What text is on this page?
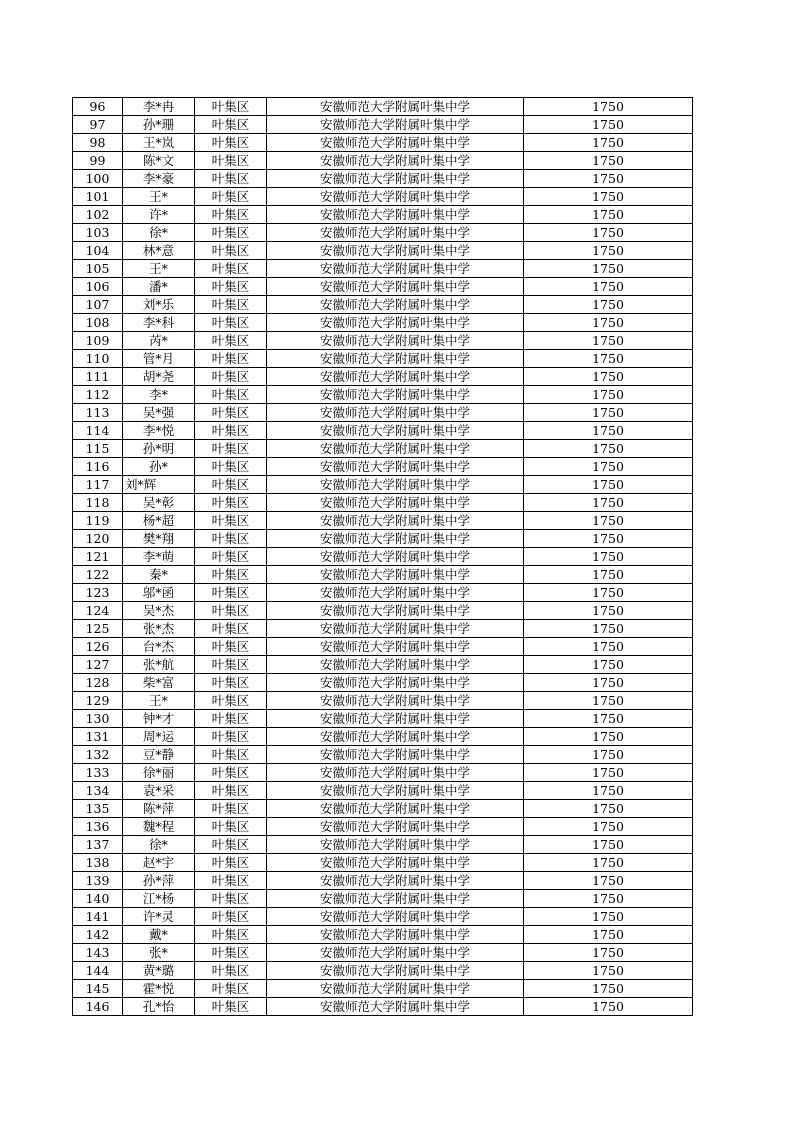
96	李*冉	叶集区	安徽师范大学附属叶集中学	1750
97	孙*珊	叶集区	安徽师范大学附属叶集中学	1750
98	王*岚	叶集区	安徽师范大学附属叶集中学	1750
99	陈*文	叶集区	安徽师范大学附属叶集中学	1750
100	李*豪	叶集区	安徽师范大学附属叶集中学	1750
101	王*	叶集区	安徽师范大学附属叶集中学	1750
102	许*	叶集区	安徽师范大学附属叶集中学	1750
103	徐*	叶集区	安徽师范大学附属叶集中学	1750
104	林*意	叶集区	安徽师范大学附属叶集中学	1750
105	王*	叶集区	安徽师范大学附属叶集中学	1750
106	潘*	叶集区	安徽师范大学附属叶集中学	1750
107	刘*乐	叶集区	安徽师范大学附属叶集中学	1750
108	李*科	叶集区	安徽师范大学附属叶集中学	1750
109	芮*	叶集区	安徽师范大学附属叶集中学	1750
110	管*月	叶集区	安徽师范大学附属叶集中学	1750
111	胡*尧	叶集区	安徽师范大学附属叶集中学	1750
112	李*	叶集区	安徽师范大学附属叶集中学	1750
113	吴*强	叶集区	安徽师范大学附属叶集中学	1750
114	李*悦	叶集区	安徽师范大学附属叶集中学	1750
115	孙*明	叶集区	安徽师范大学附属叶集中学	1750
116	孙*	叶集区	安徽师范大学附属叶集中学	1750
117	刘*辉	叶集区	安徽师范大学附属叶集中学	1750
118	吴*彰	叶集区	安徽师范大学附属叶集中学	1750
119	杨*超	叶集区	安徽师范大学附属叶集中学	1750
120	樊*翔	叶集区	安徽师范大学附属叶集中学	1750
121	李*萌	叶集区	安徽师范大学附属叶集中学	1750
122	秦*	叶集区	安徽师范大学附属叶集中学	1750
123	邬*函	叶集区	安徽师范大学附属叶集中学	1750
124	吴*杰	叶集区	安徽师范大学附属叶集中学	1750
125	张*杰	叶集区	安徽师范大学附属叶集中学	1750
126	台*杰	叶集区	安徽师范大学附属叶集中学	1750
127	张*航	叶集区	安徽师范大学附属叶集中学	1750
128	柴*富	叶集区	安徽师范大学附属叶集中学	1750
129	王*	叶集区	安徽师范大学附属叶集中学	1750
130	钟*才	叶集区	安徽师范大学附属叶集中学	1750
131	周*运	叶集区	安徽师范大学附属叶集中学	1750
132	豆*静	叶集区	安徽师范大学附属叶集中学	1750
133	徐*丽	叶集区	安徽师范大学附属叶集中学	1750
134	袁*采	叶集区	安徽师范大学附属叶集中学	1750
135	陈*萍	叶集区	安徽师范大学附属叶集中学	1750
136	魏*程	叶集区	安徽师范大学附属叶集中学	1750
137	徐*	叶集区	安徽师范大学附属叶集中学	1750
138	赵*宇	叶集区	安徽师范大学附属叶集中学	1750
139	孙*萍	叶集区	安徽师范大学附属叶集中学	1750
140	江*杨	叶集区	安徽师范大学附属叶集中学	1750
141	许*灵	叶集区	安徽师范大学附属叶集中学	1750
142	戴*	叶集区	安徽师范大学附属叶集中学	1750
143	张*	叶集区	安徽师范大学附属叶集中学	1750
144	黄*璐	叶集区	安徽师范大学附属叶集中学	1750
145	霍*悦	叶集区	安徽师范大学附属叶集中学	1750
146	孔*怡	叶集区	安徽师范大学附属叶集中学	1750
